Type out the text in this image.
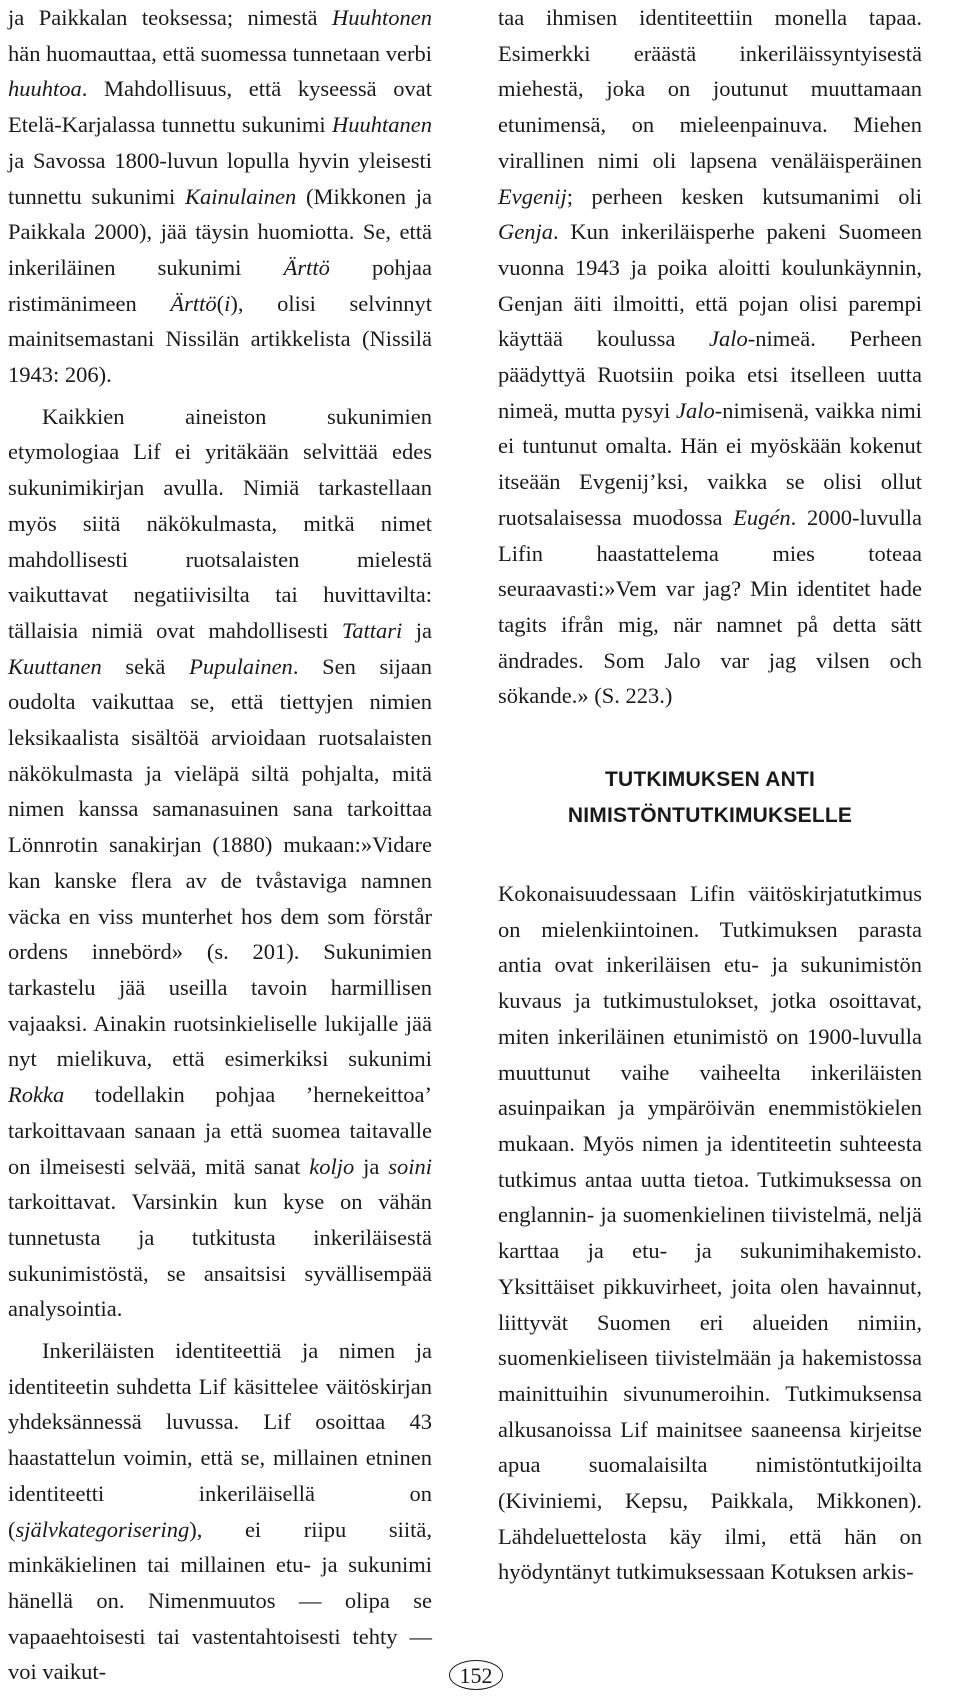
ja Paikkalan teoksessa; nimestä Huuhtonen hän huomauttaa, että suomessa tunnetaan verbi huuhtoa. Mahdollisuus, että kyseessä ovat Etelä-Karjalassa tunnettu sukunimi Huuhtanen ja Savossa 1800-luvun lopulla hyvin yleisesti tunnettu sukunimi Kainulainen (Mikkonen ja Paikkala 2000), jää täysin huomiotta. Se, että inkeriläinen sukunimi Ärttö pohjaa ristimänimeen Ärttö(i), olisi selvinnyt mainitsemastani Nissilän artikkelista (Nissilä 1943: 206).

Kaikkien aineiston sukunimien etymologiaa Lif ei yritäkään selvittää edes sukunimikirjan avulla. Nimiä tarkastellaan myös siitä näkökulmasta, mitkä nimet mahdollisesti ruotsalaisten mielestä vaikuttavat negatiivisilta tai huvittavilta: tällaisia nimiä ovat mahdollisesti Tattari ja Kuuttanen sekä Pupulainen. Sen sijaan oudolta vaikuttaa se, että tiettyjen nimien leksikaalista sisältöä arvioidaan ruotsalaisten näkökulmasta ja vieläpä siltä pohjalta, mitä nimen kanssa samanasuinen sana tarkoittaa Lönnrotin sanakirjan (1880) mukaan:»Vidare kan kanske flera av de tvåstaviga namnen väcka en viss munterhet hos dem som förstår ordens innebörd» (s. 201). Sukunimien tarkastelu jää useilla tavoin harmillisen vajaaksi. Ainakin ruotsinkieliselle lukijalle jää nyt mielikuva, että esimerkiksi sukunimi Rokka todellakin pohjaa ’hernekeittoa’ tarkoittavaan sanaan ja että suomea taitavalle on ilmeisesti selvää, mitä sanat koljo ja soini tarkoittavat. Varsinkin kun kyse on vähän tunnetusta ja tutkitusta inkeriläisestä sukunimistöstä, se ansaitsisi syvällisempää analysointia.

Inkeriläisten identiteettiä ja nimen ja identiteetin suhdetta Lif käsittelee väitöskirjan yhdeksännessä luvussa. Lif osoittaa 43 haastattelun voimin, että se, millainen etninen identiteetti inkeriläisellä on (självkategorisering), ei riipu siitä, minkäkielinen tai millainen etu- ja sukunimi hänellä on. Nimenmuutos — olipa se vapaaehtoisesti tai vastentahtoisesti tehty — voi vaikut-

taa ihmisen identiteettiin monella tapaa. Esimerkki eräästä inkeriläissyntyisestä miehestä, joka on joutunut muuttamaan etunimensä, on mieleenpainuva. Miehen virallinen nimi oli lapsena venäläisperäinen Evgenij; perheen kesken kutsumanimi oli Genja. Kun inkeriläisperhe pakeni Suomeen vuonna 1943 ja poika aloitti koulunkäynnin, Genjan äiti ilmoitti, että pojan olisi parempi käyttää koulussa Jalo-nimeä. Perheen päädyttyä Ruotsiin poika etsi itselleen uutta nimeä, mutta pysyi Jalo-nimisenä, vaikka nimi ei tuntunut omalta. Hän ei myöskään kokenut itseään Evgenij’ksi, vaikka se olisi ollut ruotsalaisessa muodossa Eugén. 2000-luvulla Lifin haastattelema mies toteaa seuraavasti:»Vem var jag? Min identitet hade tagits ifrån mig, när namnet på detta sätt ändrades. Som Jalo var jag vilsen och sökande.» (S. 223.)

TUTKIMUKSEN ANTI
NIMISTÖNTUTKIMUKSELLE

Kokonaisuudessaan Lifin väitöskirjatutkimus on mielenkiintoinen. Tutkimuksen parasta antia ovat inkeriläisen etu- ja sukunimistön kuvaus ja tutkimustulokset, jotka osoittavat, miten inkeriläinen etunimistö on 1900-luvulla muuttunut vaihe vaiheelta inkeriläisten asuinpaikan ja ympäröivän enemmistökielen mukaan. Myös nimen ja identiteetin suhteesta tutkimus antaa uutta tietoa. Tutkimuksessa on englannin- ja suomenkielinen tiivistelmä, neljä karttaa ja etu- ja sukunimihakemisto. Yksittäiset pikkuvirheet, joita olen havainnut, liittyvät Suomen eri alueiden nimiin, suomenkieliseen tiivistelmään ja hakemistossa mainittuihin sivunumeroihin. Tutkimuksensa alkusanoissa Lif mainitsee saaneensa kirjeitse apua suomalaisilta nimistöntutkijoilta (Kiviniemi, Kepsu, Paikkala, Mikkonen). Lähdeluettelosta käy ilmi, että hän on hyödyntänyt tutkimuksessaan Kotuksen arkis-

152
